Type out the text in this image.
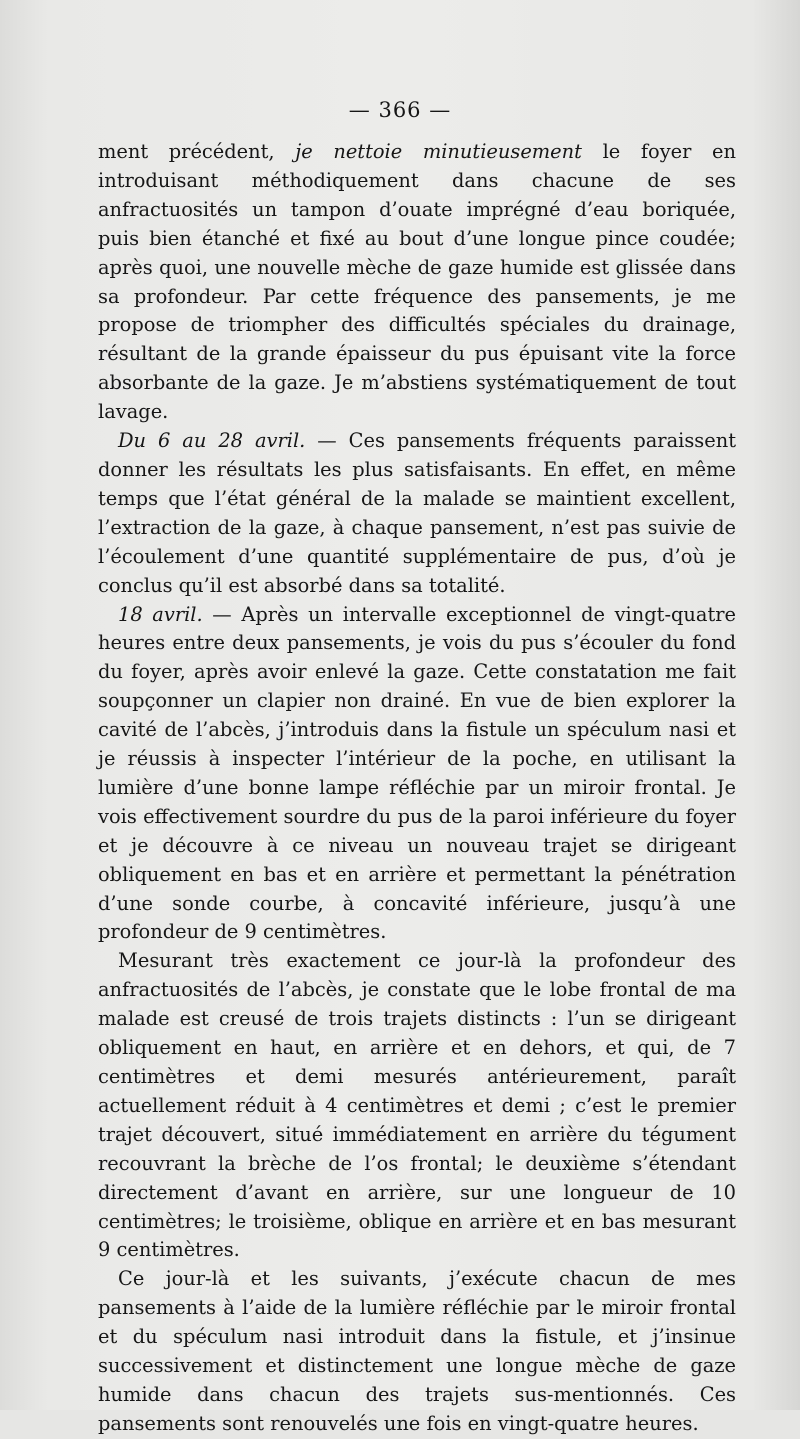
— 366 —

ment précédent, je nettoie minutieusement le foyer en introduisant méthodiquement dans chacune de ses anfractuosités un tampon d’ouate imprégné d’eau boriquée, puis bien étanché et fixé au bout d’une longue pince coudée; après quoi, une nouvelle mèche de gaze humide est glissée dans sa profondeur. Par cette fréquence des pansements, je me propose de triompher des difficultés spéciales du drainage, résultant de la grande épaisseur du pus épuisant vite la force absorbante de la gaze. Je m’abstiens systématiquement de tout lavage.

Du 6 au 28 avril. — Ces pansements fréquents paraissent donner les résultats les plus satisfaisants. En effet, en même temps que l’état général de la malade se maintient excellent, l’extraction de la gaze, à chaque pansement, n’est pas suivie de l’écoulement d’une quantité supplémentaire de pus, d’où je conclus qu’il est absorbé dans sa totalité.

18 avril. — Après un intervalle exceptionnel de vingt-quatre heures entre deux pansements, je vois du pus s’écouler du fond du foyer, après avoir enlevé la gaze. Cette constatation me fait soupçonner un clapier non drainé. En vue de bien explorer la cavité de l’abcès, j’introduis dans la fistule un spéculum nasi et je réussis à inspecter l’intérieur de la poche, en utilisant la lumière d’une bonne lampe réfléchie par un miroir frontal. Je vois effectivement sourdre du pus de la paroi inférieure du foyer et je découvre à ce niveau un nouveau trajet se dirigeant obliquement en bas et en arrière et permettant la pénétration d’une sonde courbe, à concavité inférieure, jusqu’à une profondeur de 9 centimètres.

Mesurant très exactement ce jour-là la profondeur des anfractuosités de l’abcès, je constate que le lobe frontal de ma malade est creusé de trois trajets distincts : l’un se dirigeant obliquement en haut, en arrière et en dehors, et qui, de 7 centimètres et demi mesurés antérieurement, paraît actuellement réduit à 4 centimètres et demi ; c’est le premier trajet découvert, situé immédiatement en arrière du tégument recouvrant la brèche de l’os frontal; le deuxième s’étendant directement d’avant en arrière, sur une longueur de 10 centimètres; le troisième, oblique en arrière et en bas mesurant 9 centimètres.

Ce jour-là et les suivants, j’exécute chacun de mes pansements à l’aide de la lumière réfléchie par le miroir frontal et du spéculum nasi introduit dans la fistule, et j’insinue successivement et distinctement une longue mèche de gaze humide dans chacun des trajets sus-mentionnés. Ces pansements sont renouvelés une fois en vingt-quatre heures.
